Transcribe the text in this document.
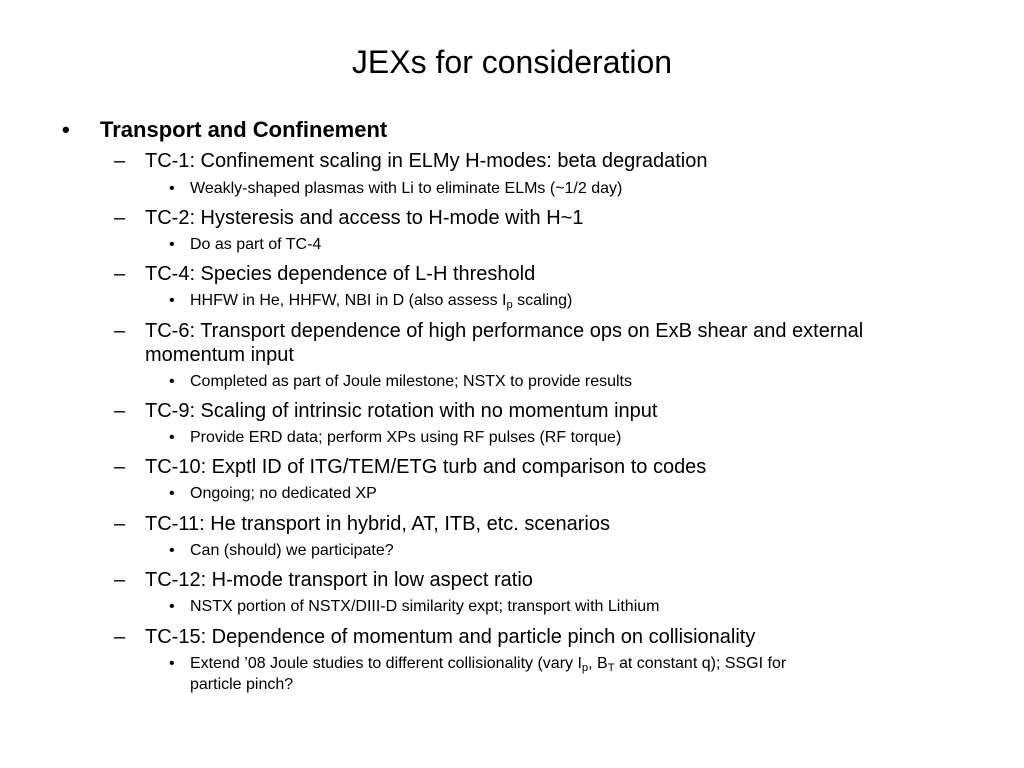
JEXs for consideration
• Transport and Confinement
– TC-1: Confinement scaling in ELMy H-modes: beta degradation
• Weakly-shaped plasmas with Li to eliminate ELMs (~1/2 day)
– TC-2: Hysteresis and access to H-mode with H~1
• Do as part of TC-4
– TC-4: Species dependence of L-H threshold
• HHFW in He, HHFW, NBI in D (also assess $I_p$ scaling)
– TC-6: Transport dependence of high performance ops on ExB shear and external
momentum input
• Completed as part of Joule milestone; NSTX to provide results
– TC-9: Scaling of intrinsic rotation with no momentum input
• Provide ERD data; perform XPs using RF pulses (RF torque)
– TC-10: Exptl ID of ITG/TEM/ETG turb and comparison to codes
• Ongoing; no dedicated XP
– TC-11: He transport in hybrid, AT, ITB, etc. scenarios
• Can (should) we participate?
– TC-12: H-mode transport in low aspect ratio
• NSTX portion of NSTX/DIII-D similarity expt; transport with Lithium
– TC-15: Dependence of momentum and particle pinch on collisionality
• Extend ’08 Joule studies to different collisionality (vary $I_p$, $B_T$ at constant q); SSGI for
particle pinch?
